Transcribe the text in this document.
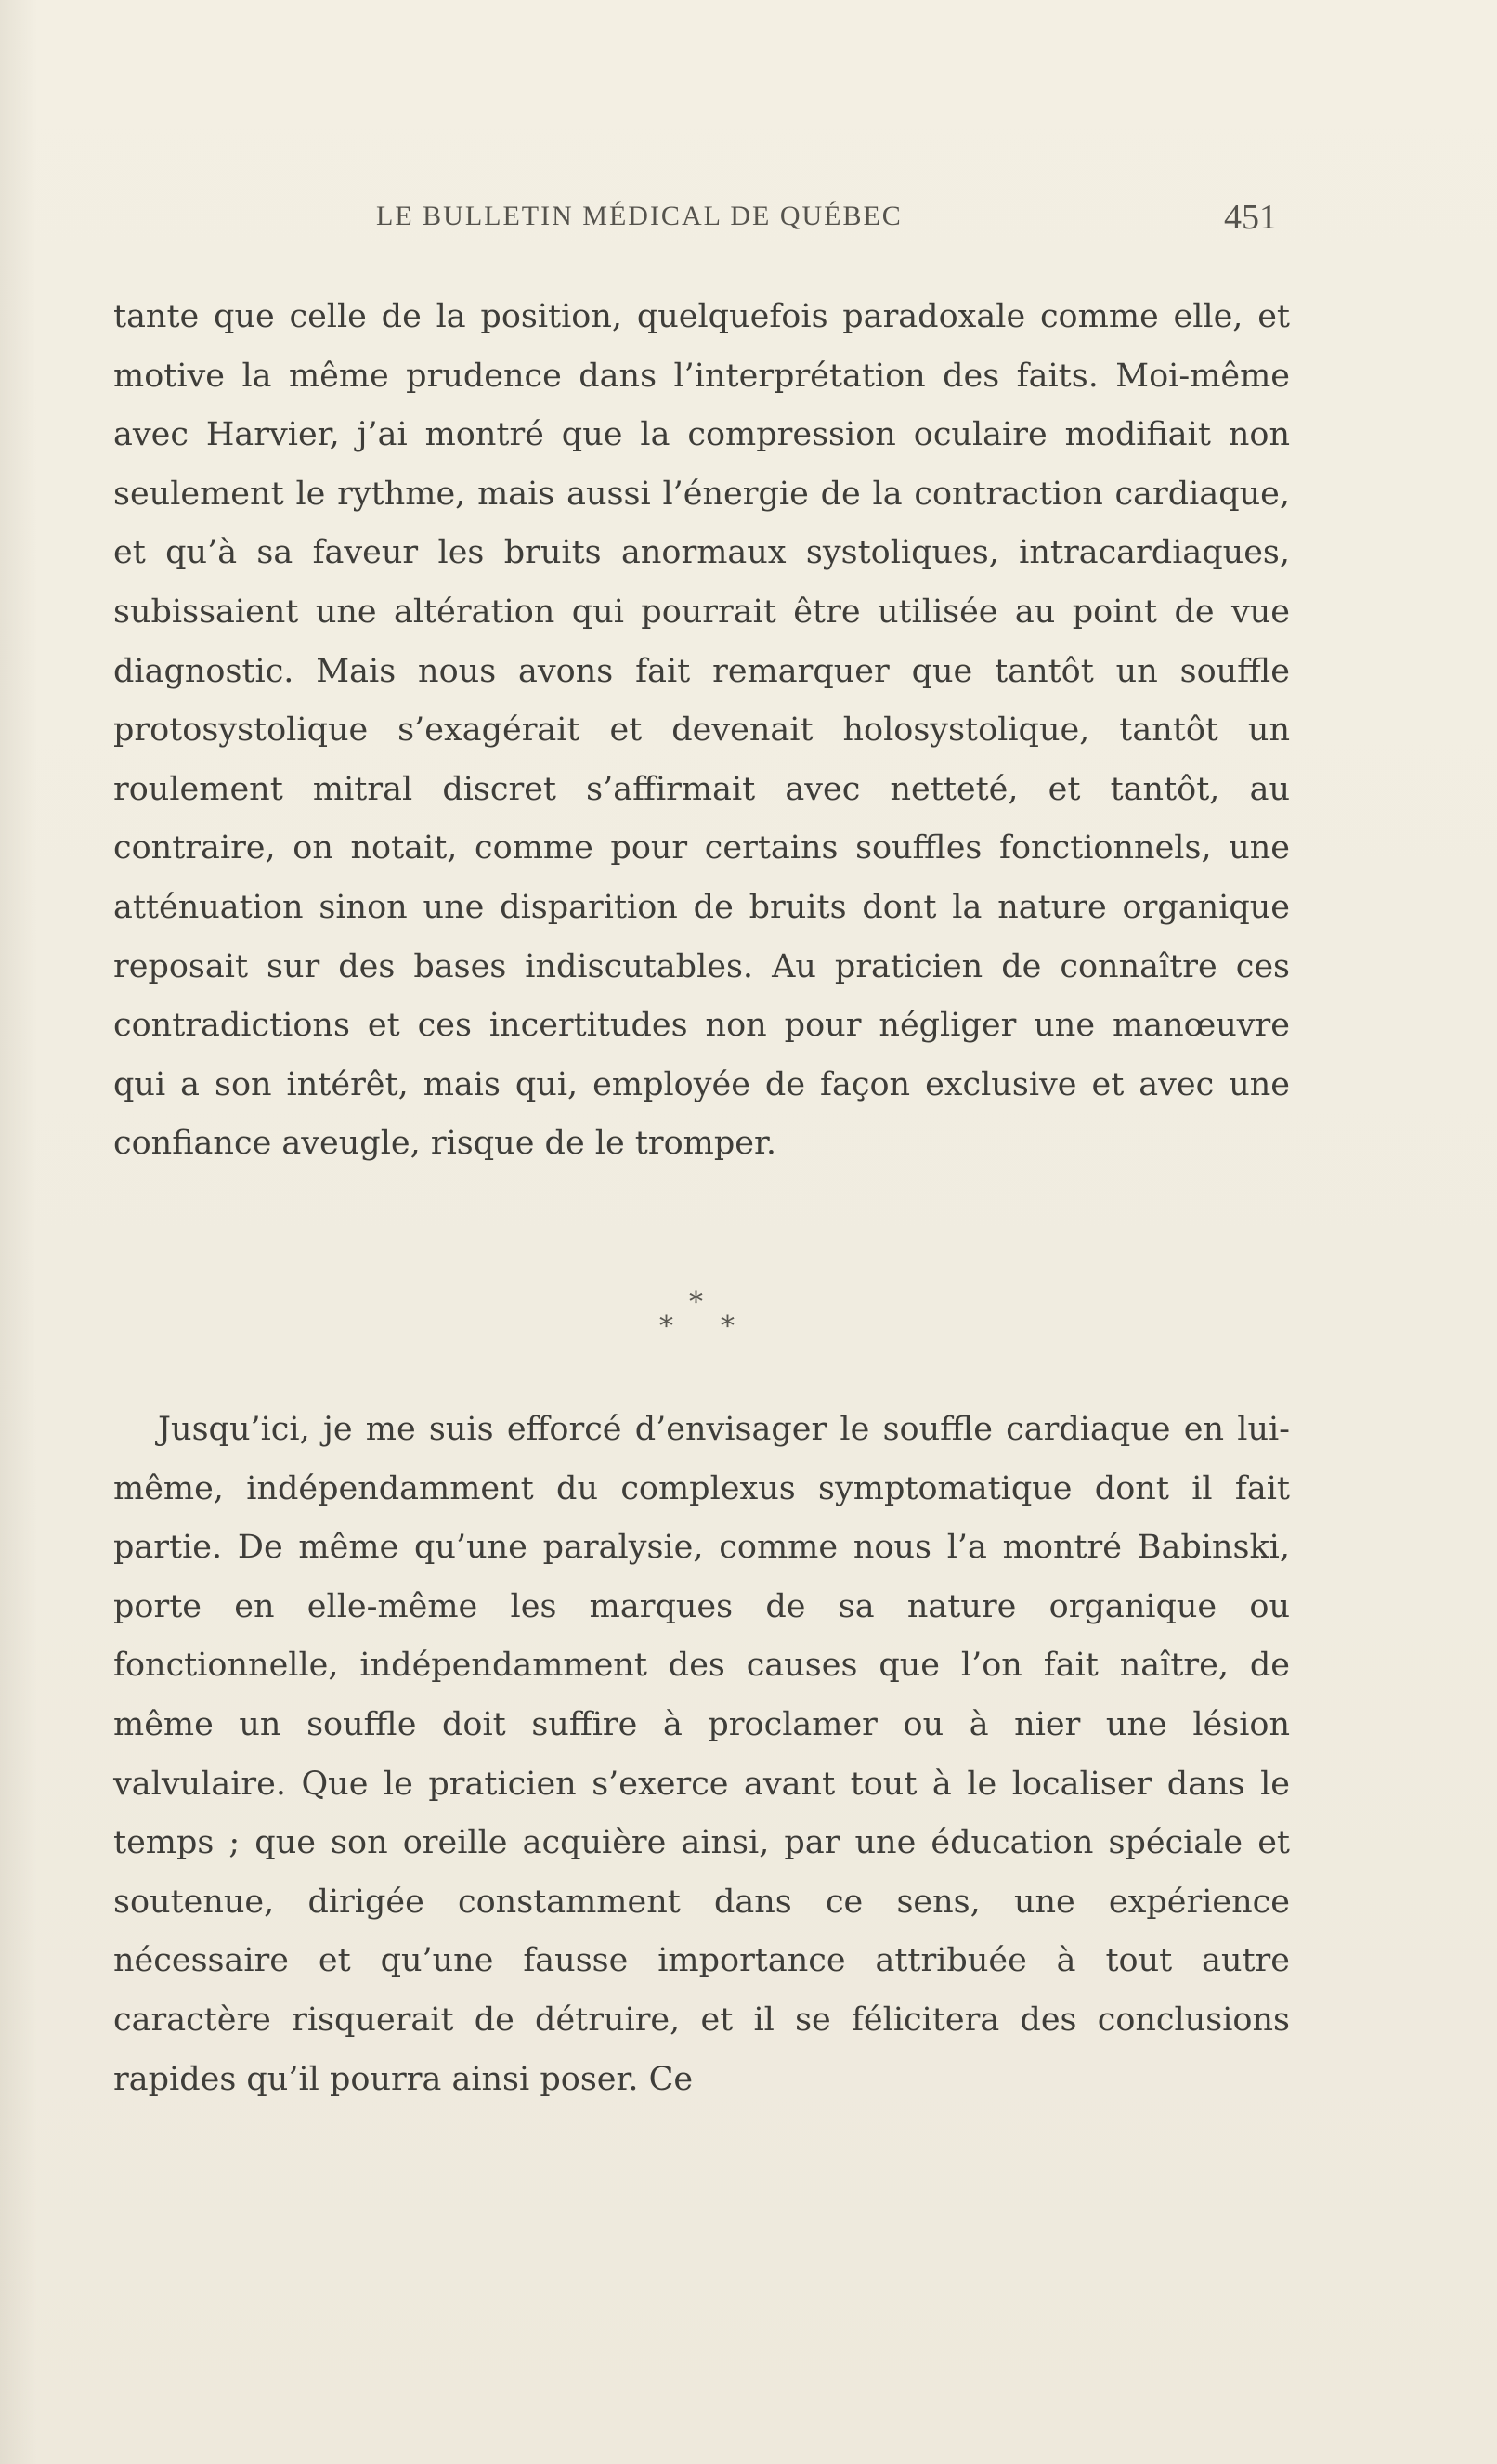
LE BULLETIN MÉDICAL DE QUÉBEC	451

tante que celle de la position, quelquefois paradoxale comme elle, et motive la même prudence dans l’interprétation des faits. Moi-même avec Harvier, j’ai montré que la compression oculaire modifiait non seulement le rythme, mais aussi l’énergie de la contraction cardiaque, et qu’à sa faveur les bruits anormaux systoliques, intracardiaques, subissaient une altération qui pourrait être utilisée au point de vue diagnostic. Mais nous avons fait remarquer que tantôt un souffle protosystolique s’exagérait et devenait holosystolique, tantôt un roulement mitral discret s’affirmait avec netteté, et tantôt, au contraire, on notait, comme pour certains souffles fonctionnels, une atténuation sinon une disparition de bruits dont la nature organique reposait sur des bases indiscutables. Au praticien de connaître ces contradictions et ces incertitudes non pour négliger une manœuvre qui a son intérêt, mais qui, employée de façon exclusive et avec une confiance aveugle, risque de le tromper.

*
* *

Jusqu’ici, je me suis efforcé d’envisager le souffle cardiaque en lui-même, indépendamment du complexus symptomatique dont il fait partie. De même qu’une paralysie, comme nous l’a montré Babinski, porte en elle-même les marques de sa nature organique ou fonctionnelle, indépendamment des causes que l’on fait naître, de même un souffle doit suffire à proclamer ou à nier une lésion valvulaire. Que le praticien s’exerce avant tout à le localiser dans le temps ; que son oreille acquière ainsi, par une éducation spéciale et soutenue, dirigée constamment dans ce sens, une expérience nécessaire et qu’une fausse importance attribuée à tout autre caractère risquerait de détruire, et il se félicitera des conclusions rapides qu’il pourra ainsi poser. Ce
